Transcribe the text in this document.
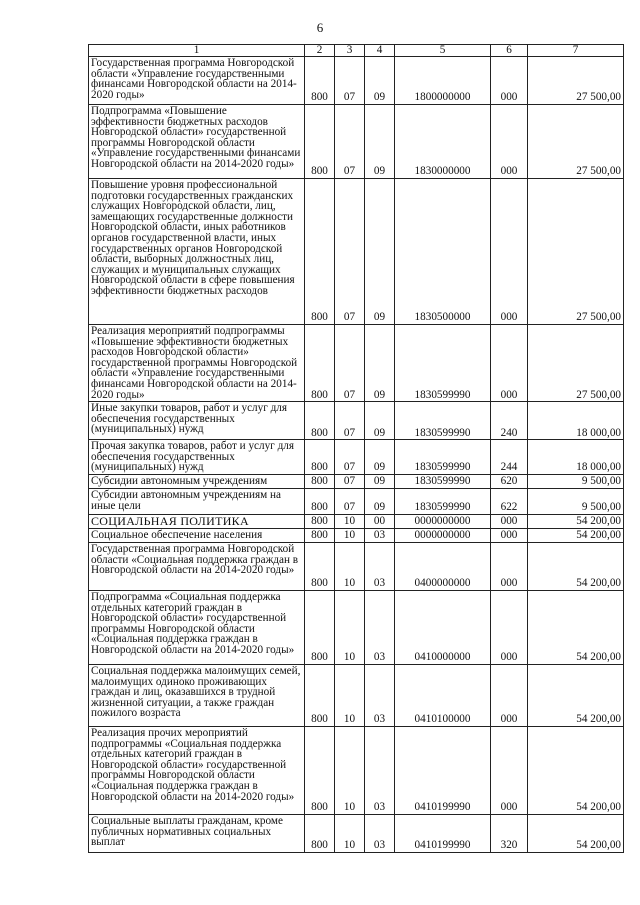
6
1	2	3	4	5	6	7
Государственная программа Новгородской области «Управление государственными финансами Новгородской области на 2014-2020 годы»	800	07	09	1800000000	000	27 500,00
Подпрограмма «Повышение эффективности бюджетных расходов Новгородской области» государственной программы Новгородской области «Управление государственными финансами Новгородской области на 2014-2020 годы»	800	07	09	1830000000	000	27 500,00
Повышение уровня профессиональной подготовки государственных гражданских служащих Новгородской области, лиц, замещающих государственные должности Новгородской области, иных работников органов государственной власти, иных государственных органов Новгородской области, выборных должностных лиц, служащих и муниципальных служащих Новгородской области в сфере повышения эффективности бюджетных расходов	800	07	09	1830500000	000	27 500,00
Реализация мероприятий подпрограммы «Повышение эффективности бюджетных расходов Новгородской области» государственной программы Новгородской области «Управление государственными финансами Новгородской области на 2014-2020 годы»	800	07	09	1830599990	000	27 500,00
Иные закупки товаров, работ и услуг для обеспечения государственных (муниципальных) нужд	800	07	09	1830599990	240	18 000,00
Прочая закупка товаров, работ и услуг для обеспечения государственных (муниципальных) нужд	800	07	09	1830599990	244	18 000,00
Субсидии автономным учреждениям	800	07	09	1830599990	620	9 500,00
Субсидии автономным учреждениям на иные цели	800	07	09	1830599990	622	9 500,00
СОЦИАЛЬНАЯ ПОЛИТИКА	800	10	00	0000000000	000	54 200,00
Социальное обеспечение населения	800	10	03	0000000000	000	54 200,00
Государственная программа Новгородской области «Социальная поддержка граждан в Новгородской области на 2014-2020 годы»	800	10	03	0400000000	000	54 200,00
Подпрограмма «Социальная поддержка отдельных категорий граждан в Новгородской области» государственной программы Новгородской области «Социальная поддержка граждан в Новгородской области на 2014-2020 годы»	800	10	03	0410000000	000	54 200,00
Социальная поддержка малоимущих семей, малоимущих одиноко проживающих граждан и лиц, оказавшихся в трудной жизненной ситуации, а также граждан пожилого возраста	800	10	03	0410100000	000	54 200,00
Реализация прочих мероприятий подпрограммы «Социальная поддержка отдельных категорий граждан в Новгородской области» государственной программы Новгородской области «Социальная поддержка граждан в Новгородской области на 2014-2020 годы»	800	10	03	0410199990	000	54 200,00
Социальные выплаты гражданам, кроме публичных нормативных социальных выплат	800	10	03	0410199990	320	54 200,00
